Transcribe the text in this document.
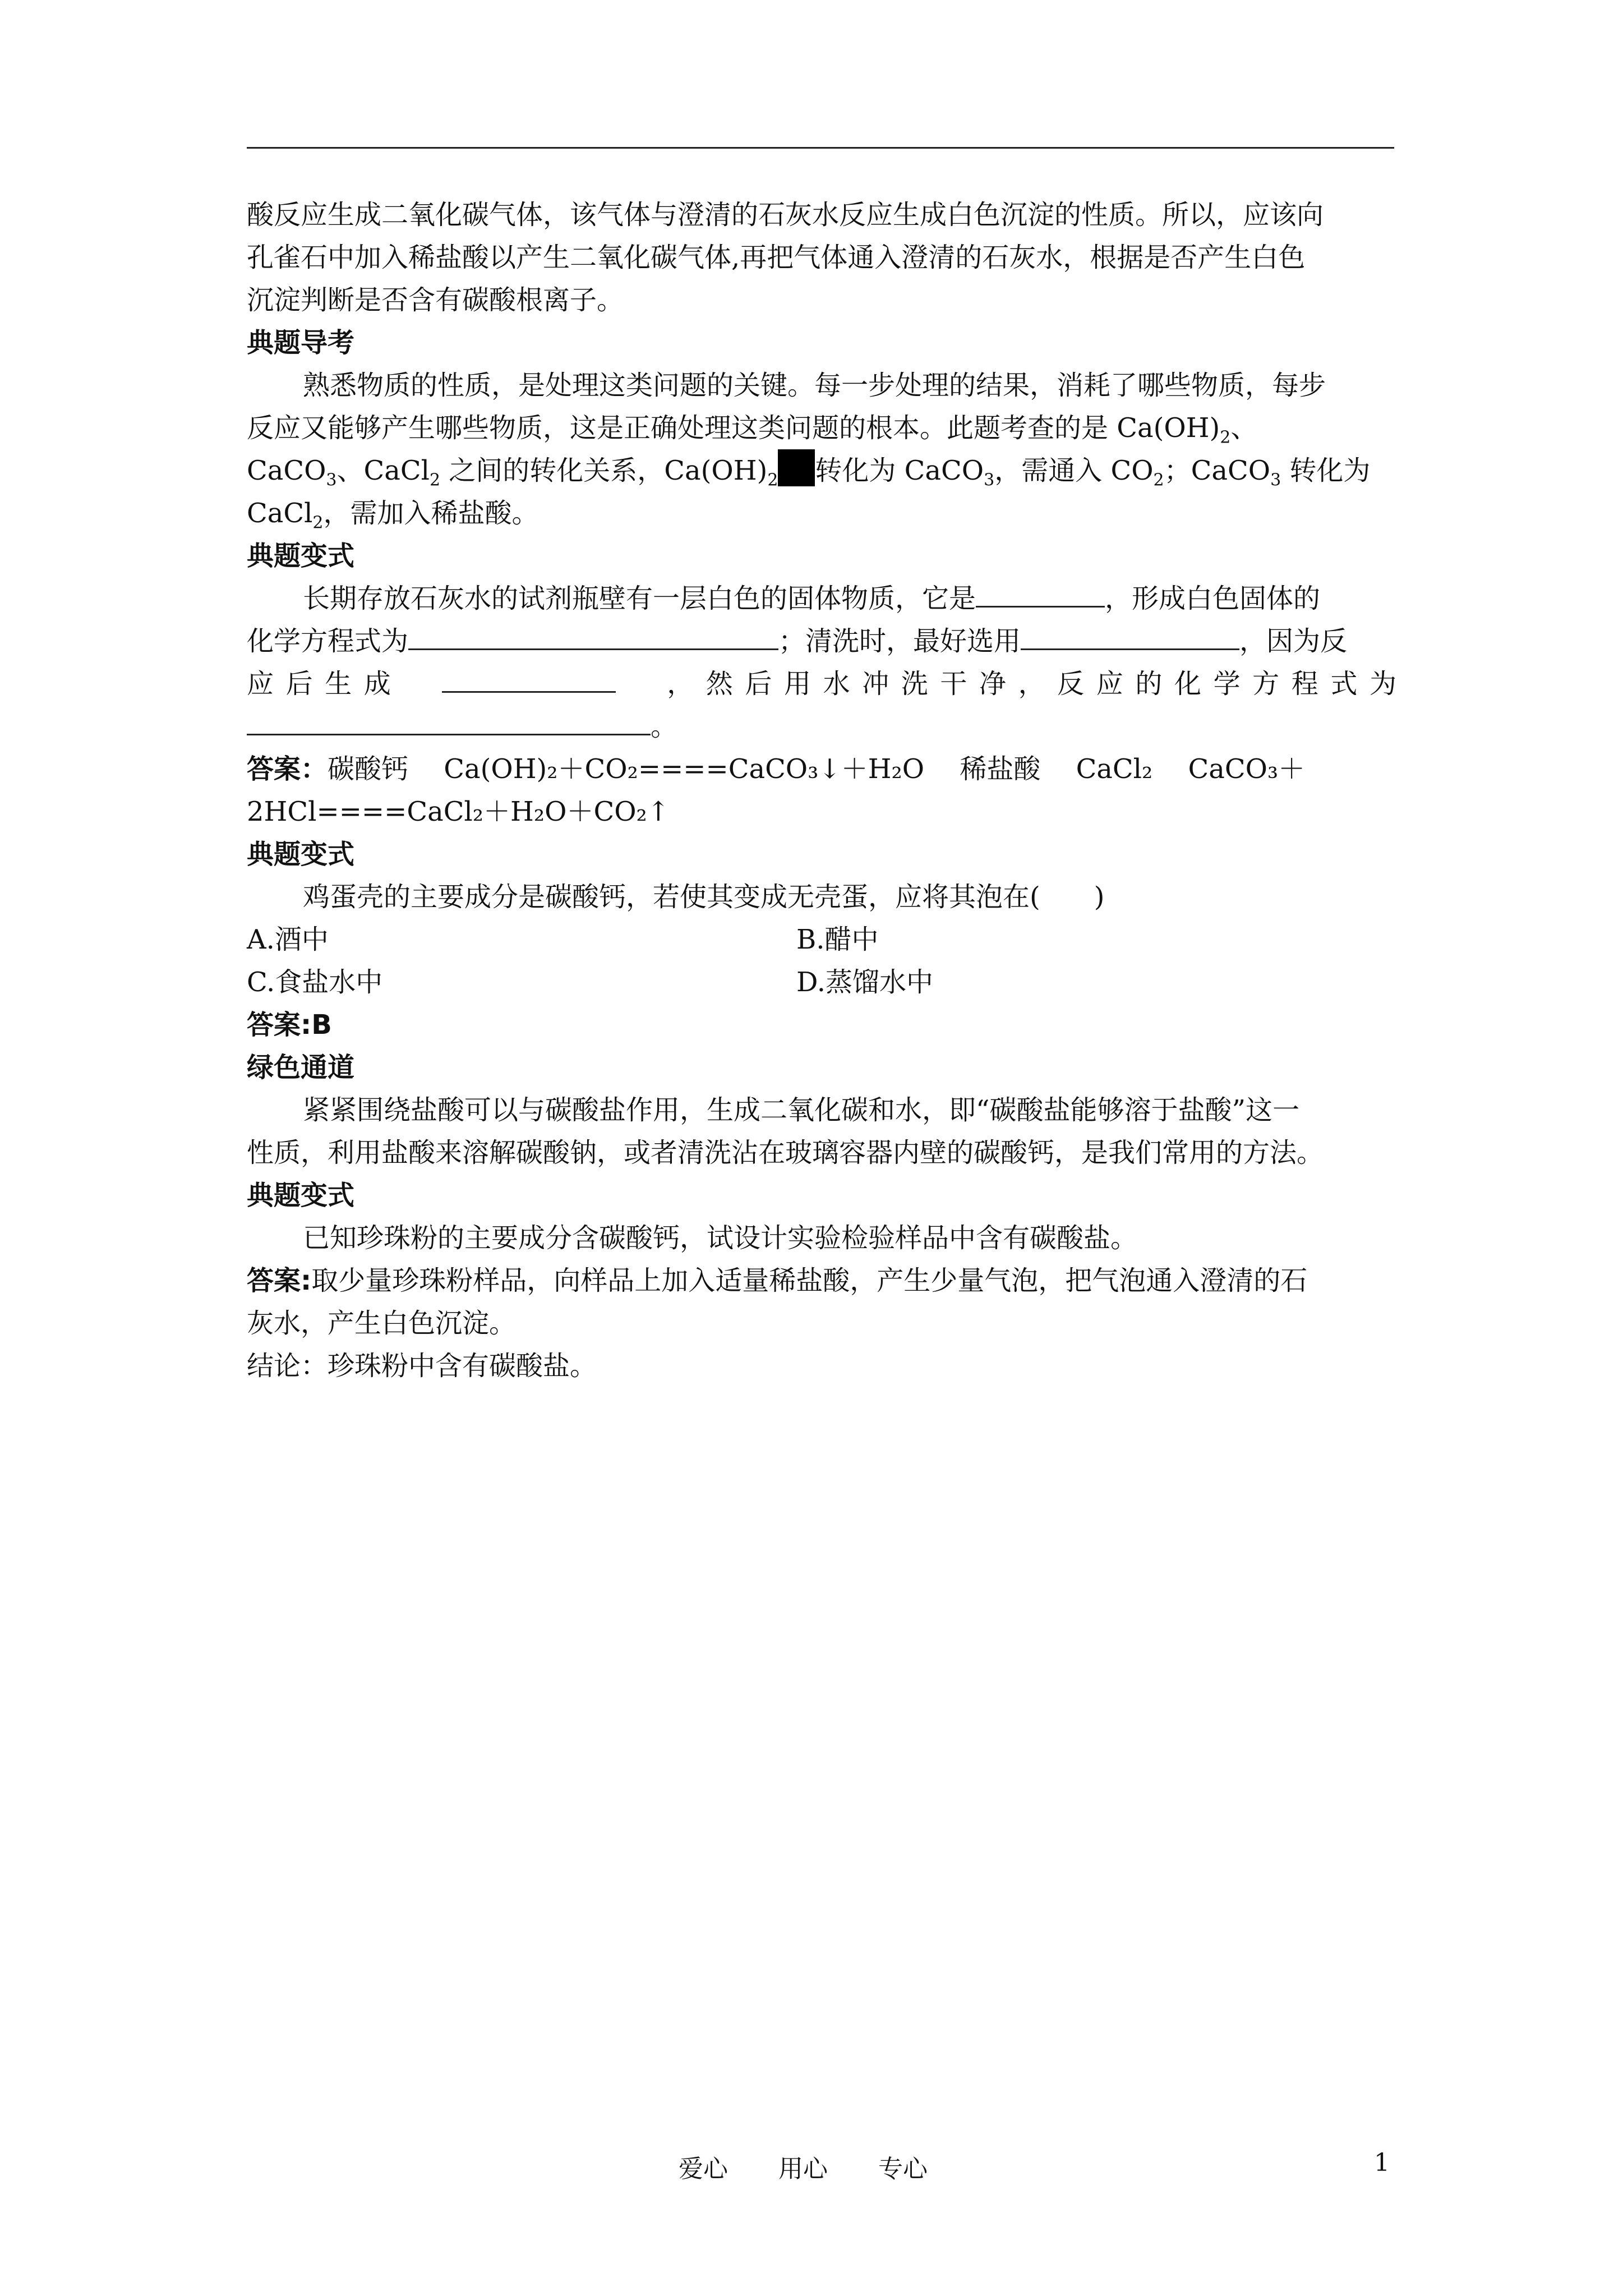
酸反应生成二氧化碳气体，该气体与澄清的石灰水反应生成白色沉淀的性质。所以，应该向

孔雀石中加入稀盐酸以产生二氧化碳气体,再把气体通入澄清的石灰水，根据是否产生白色

沉淀判断是否含有碳酸根离子。

典题导考

熟悉物质的性质，是处理这类问题的关键。每一步处理的结果，消耗了哪些物质，每步

反应又能够产生哪些物质，这是正确处理这类问题的根本。此题考查的是 $Ca(OH)_2$、

CaCO$_3$、CaCl$_2$ 之间的转化关系，$Ca(OH)_2$ 转化为 CaCO$_3$，需通入 $CO_2$；CaCO$_3$ 转化为

CaCl$_2$，需加入稀盐酸。

典题变式

长期存放石灰水的试剂瓶壁有一层白色的固体物质，它是	，形成白色固体的

化学方程式为	；清洗时，最好选用	，因为反

应后生成　　	，然后用水冲洗干净，反应的化学方程式为

。

答案：碳酸钙　 Ca(OH)₂＋CO₂====CaCO₃↓＋H₂O　 稀盐酸　 CaCl₂　 CaCO₃＋

2HCl====CaCl₂＋H₂O＋CO₂↑

典题变式

鸡蛋壳的主要成分是碳酸钙，若使其变成无壳蛋，应将其泡在(　　)

A.酒中	B.醋中
C.食盐水中	D.蒸馏水中

答案:B

绿色通道

紧紧围绕盐酸可以与碳酸盐作用，生成二氧化碳和水，即“碳酸盐能够溶于盐酸”这一

性质，利用盐酸来溶解碳酸钠，或者清洗沾在玻璃容器内壁的碳酸钙，是我们常用的方法。

典题变式

已知珍珠粉的主要成分含碳酸钙，试设计实验检验样品中含有碳酸盐。

答案:取少量珍珠粉样品，向样品上加入适量稀盐酸，产生少量气泡，把气泡通入澄清的石

灰水，产生白色沉淀。

结论：珍珠粉中含有碳酸盐。

爱心 用心 专心	1
